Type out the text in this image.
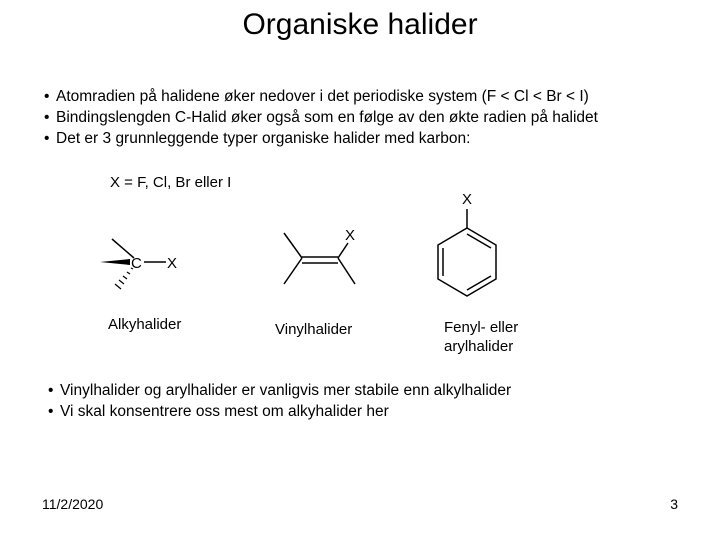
Organiske halider
• Atomradien på halidene øker nedover i det periodiske system (F < Cl < Br < I)
• Bindingslengden C-Halid øker også som en følge av den økte radien på halidet
• Det er 3 grunnleggende typer organiske halider med karbon:
X = F, Cl, Br eller I
C X
Alkyhalider
X
Vinylhalider
X
Fenyl- eller
arylhalider
• Vinylhalider og arylhalider er vanligvis mer stabile enn alkylhalider
• Vi skal konsentrere oss mest om alkyhalider her
11/2/2020	3
